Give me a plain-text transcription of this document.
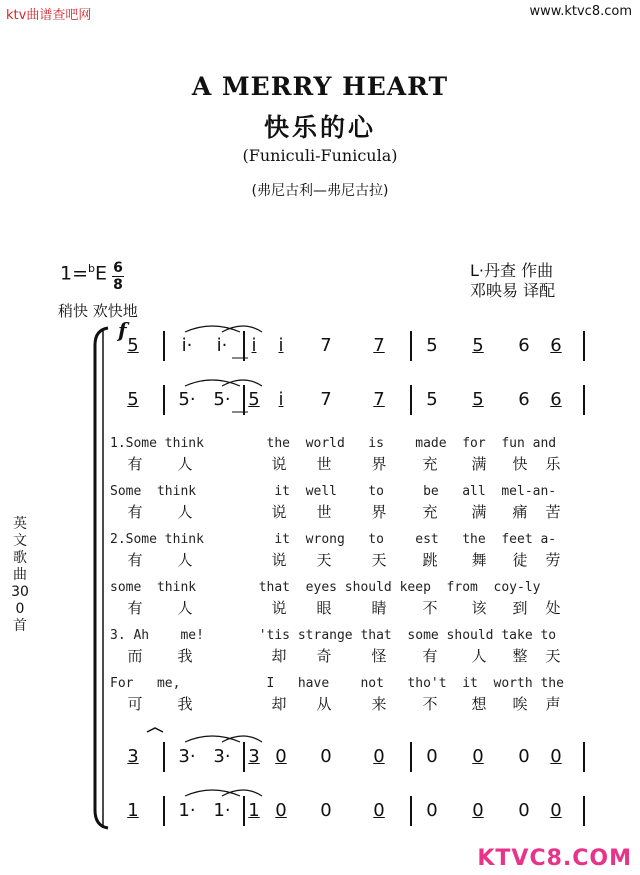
ktv曲谱查吧网	www.ktvc8.com
KTVC8.COM
A MERRY HEART
快乐的心
(Funiculi-Funicula)
(弗尼古利—弗尼古拉)
1=$^b$E 6
8
L·丹查 作曲
邓映易 译配
稍快 欢快地
f
英文歌曲300首
5 i· i· i i 7 7 5 5 6 6
5 5· 5· 5 i 7 7 5 5 6 6
3 3· 3· 3 0 0 0 0 0 0 0
1 1· 1· 1 0 0 0 0 0 0 0
1.Some think        the  world   is    made  for  fun and
有 人	说 世	界 充 满 快 乐
Some  think          it  well    to     be   all  mel-an-
有 人	说 世	界 充 满 痛 苦
2.Some think         it  wrong   to    est   the  feet a-
有 人	说 天	天 跳 舞 徒 劳
some  think        that  eyes should keep  from  coy-ly
有 人	说 眼	睛 不 该 到 处
3. Ah    me!       'tis strange that  some should take to
而 我	却 奇	怪 有 人 整 天
For   me,           I   have    not   tho't  it  worth the
可 我	却 从	来 不 想 唉 声
